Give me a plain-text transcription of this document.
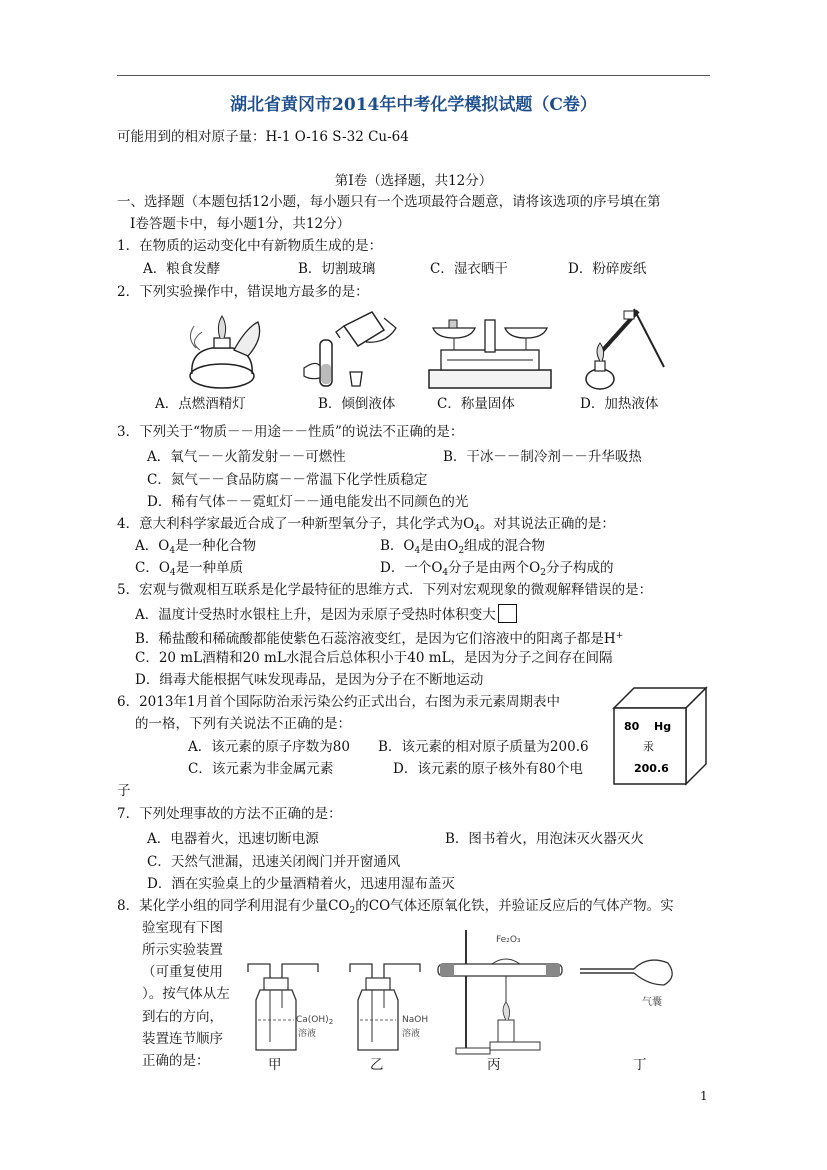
湖北省黄冈市2014年中考化学模拟试题（C卷）
可能用到的相对原子量：H-1 O-16 S-32 Cu-64
第Ⅰ卷（选择题，共12分）
一、选择题（本题包括12小题，每小题只有一个选项最符合题意，请将该选项的序号填在第
Ⅰ卷答题卡中，每小题1分，共12分）
1．在物质的运动变化中有新物质生成的是：
A．粮食发酵	B．切割玻璃	C．湿衣晒干	D．粉碎废纸
2．下列实验操作中，错误地方最多的是：
A．点燃酒精灯	B．倾倒液体	C．称量固体	D．加热液体
3．下列关于“物质－－用途－－性质”的说法不正确的是：
A．氧气－－火箭发射－－可燃性	B．干冰－－制冷剂－－升华吸热
C．氮气－－食品防腐－－常温下化学性质稳定
D．稀有气体－－霓虹灯－－通电能发出不同颜色的光
4．意大利科学家最近合成了一种新型氧分子，其化学式为$O_4$。对其说法正确的是：
A．$O_4$是一种化合物	B．$O_4$是由$O_2$组成的混合物
C．$O_4$是一种单质	D．一个$O_4$分子是由两个$O_2$分子构成的
5．宏观与微观相互联系是化学最特征的思维方式．下列对宏观现象的微观解释错误的是：
A．温度计受热时水银柱上升，是因为汞原子受热时体积变大
B．稀盐酸和稀硫酸都能使紫色石蕊溶液变红，是因为它们溶液中的阳离子都是H+
C．20 mL酒精和20 mL水混合后总体积小于40 mL，是因为分子之间存在间隔
D．缉毒犬能根据气味发现毒品，是因为分子在不断地运动
6．2013年1月首个国际防治汞污染公约正式出台，右图为汞元素周期表中
的一格，下列有关说法不正确的是：
A．该元素的原子序数为80 B．该元素的相对原子质量为200.6
C．该元素为非金属元素	D．该元素的原子核外有80个电
子
80 Hg
汞
200.6
7．下列处理事故的方法不正确的是：
A．电器着火，迅速切断电源	B．图书着火，用泡沫灭火器灭火
C．天然气泄漏，迅速关闭阀门并开窗通风
D．酒在实验桌上的少量酒精着火，迅速用湿布盖灭
8．某化学小组的同学利用混有少量$CO_2$的CO气体还原氧化铁，并验证反应后的气体产物。实
验室现有下图
所示实验装置
（可重复使用
）。按气体从左
到右的方向，
装置连节顺序
正确的是：
$Ca(OH)_2$
溶液
NaOH
溶液
Fe₂O₃
气囊
甲	乙	丙	丁
1
